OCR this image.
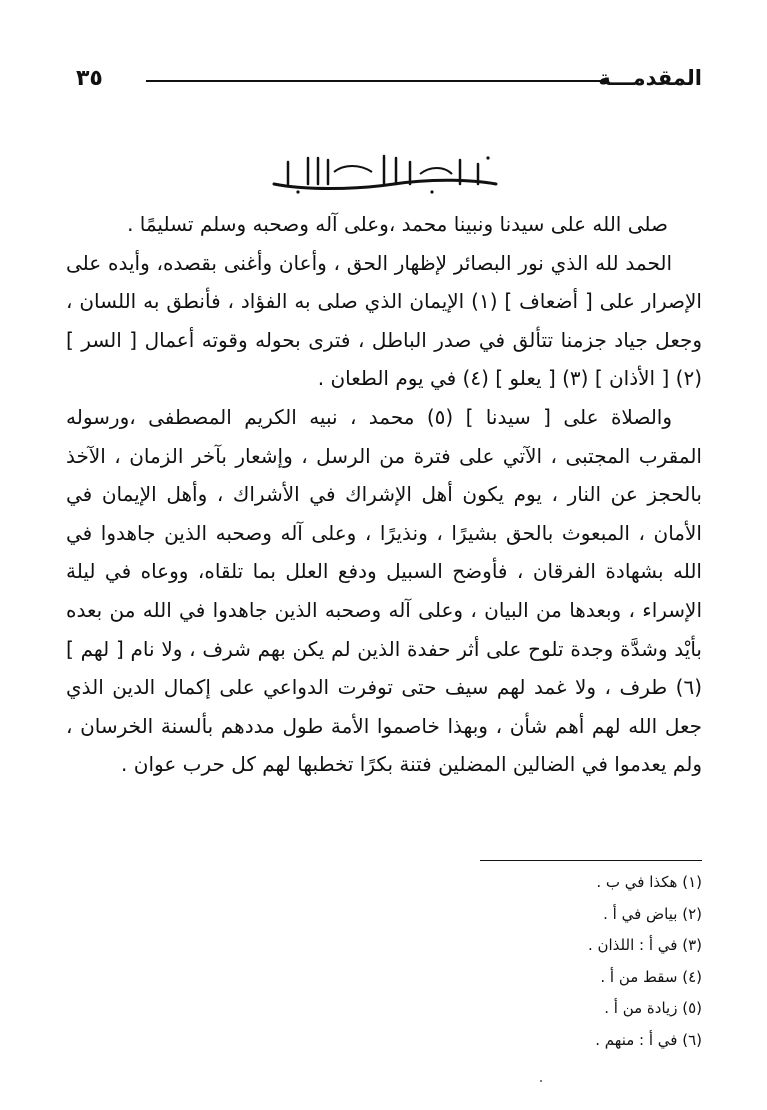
٣٥	المقدمـــة

صلى الله على سيدنا ونبينا محمد ،وعلى آله وصحبه وسلم تسليمًا .

الحمد لله الذي نور البصائر لإظهار الحق ، وأعان وأغنى بقصده، وأيده على الإصرار على [ أضعاف ] (١) الإيمان الذي صلى به الفؤاد ، فأنطق به اللسان ، وجعل جياد جزمنا تتألق في صدر الباطل ، فترى بحوله وقوته أعمال [ السر ] (٢) [ الأذان ] (٣) [ يعلو ] (٤) في يوم الطعان .

والصلاة على [ سيدنا ] (٥) محمد ، نبيه الكريم المصطفى ،ورسوله المقرب المجتبى ، الآتي على فترة من الرسل ، وإشعار بآخر الزمان ، الآخذ بالحجز عن النار ، يوم يكون أهل الإشراك في الأشراك ، وأهل الإيمان في الأمان ، المبعوث بالحق بشيرًا ، ونذيرًا ، وعلى آله وصحبه الذين جاهدوا في الله بشهادة الفرقان ، فأوضح السبيل ودفع العلل بما تلقاه، ووعاه في ليلة الإسراء ، وبعدها من البيان ، وعلى آله وصحبه الذين جاهدوا في الله من بعده بأيْد وشدَّة وجدة تلوح على أثر حفدة الذين لم يكن بهم شرف ، ولا نام [ لهم ] (٦) طرف ، ولا غمد لهم سيف حتى توفرت الدواعي على إكمال الدين الذي جعل الله لهم أهم شأن ، وبهذا خاصموا الأمة طول مددهم بألسنة الخرسان ، ولم يعدموا في الضالين المضلين فتنة بكرًا تخطبها لهم كل حرب عوان .

(١) هكذا في ب .
(٢) بياض في أ .
(٣) في أ : اللذان .
(٤) سقط من أ .
(٥) زيادة من أ .
(٦) في أ : منهم .
